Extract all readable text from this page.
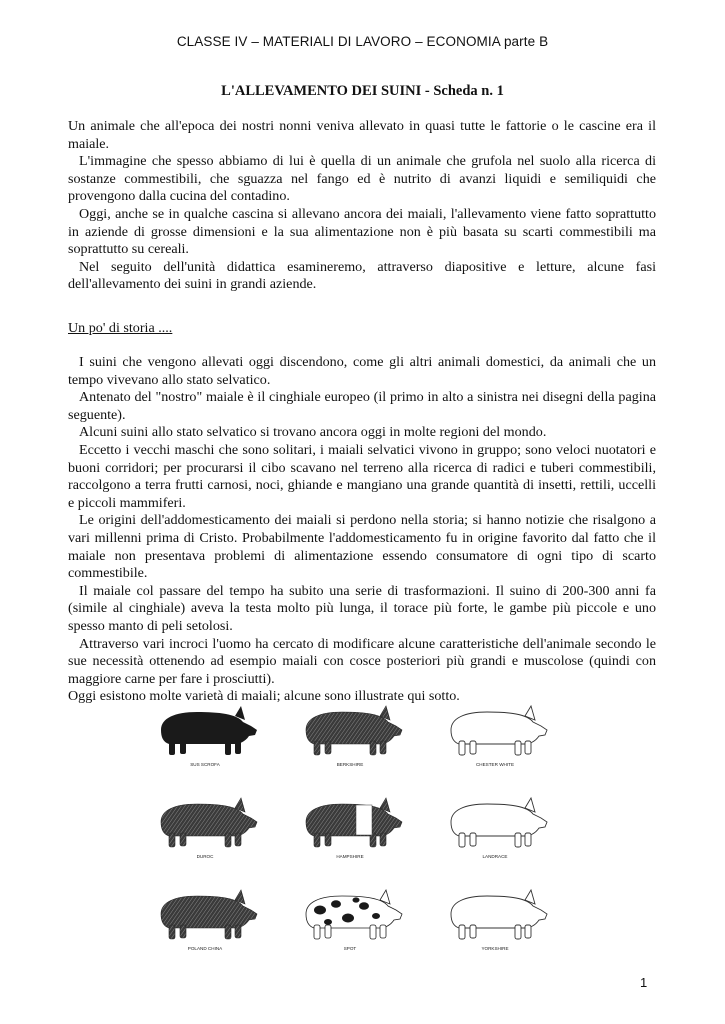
CLASSE IV – MATERIALI DI LAVORO – ECONOMIA parte B
L'ALLEVAMENTO DEI SUINI - Scheda n. 1

Un animale che all'epoca dei nostri nonni veniva allevato in quasi tutte le fattorie o le cascine era il maiale.

L'immagine che spesso abbiamo di lui è quella di un animale che grufola nel suolo alla ricerca di sostanze commestibili, che sguazza nel fango ed è nutrito di avanzi liquidi e semiliquidi che provengono dalla cucina del contadino.

Oggi, anche se in qualche cascina si allevano ancora dei maiali, l'allevamento viene fatto soprattutto in aziende di grosse dimensioni e la sua alimentazione non è più basata su scarti commestibili ma soprattutto su cereali.

Nel seguito dell'unità didattica esamineremo, attraverso diapositive e letture, alcune fasi dell'allevamento dei suini in grandi aziende.

Un po' di storia ....

I suini che vengono allevati oggi discendono, come gli altri animali domestici, da animali che un tempo vivevano allo stato selvatico.

Antenato del "nostro" maiale è il cinghiale europeo (il primo in alto a sinistra nei disegni della pagina seguente).

Alcuni suini allo stato selvatico si trovano ancora oggi in molte regioni del mondo.

Eccetto i vecchi maschi che sono solitari, i maiali selvatici vivono in gruppo; sono veloci nuotatori e buoni corridori; per procurarsi il cibo scavano nel terreno alla ricerca di radici e tuberi commestibili, raccolgono a terra frutti carnosi, noci, ghiande e mangiano una grande quantità di insetti, rettili, uccelli e piccoli mammiferi.

Le origini dell'addomesticamento dei maiali si perdono nella storia; si hanno notizie che risalgono a vari millenni prima di Cristo. Probabilmente l'addomesticamento fu in origine favorito dal fatto che il maiale non presentava problemi di alimentazione essendo consumatore di ogni tipo di scarto commestibile.

Il maiale col passare del tempo ha subito una serie di trasformazioni. Il suino di 200-300 anni fa (simile al cinghiale) aveva la testa molto più lunga, il torace più forte, le gambe più piccole e uno spesso manto di peli setolosi.

Attraverso vari incroci l'uomo ha cercato di modificare alcune caratteristiche dell'animale secondo le sue necessità ottenendo ad esempio maiali con cosce posteriori più grandi e muscolose (quindi con maggiore carne per fare i prosciutti).

Oggi esistono molte varietà di maiali; alcune sono illustrate qui sotto.

SUS SCROFA	BERKSHIRE	CHESTER WHITE
DUROC	HAMPSHIRE	LANDRACE
POLAND CHINA	SPOT	YORKSHIRE
1
